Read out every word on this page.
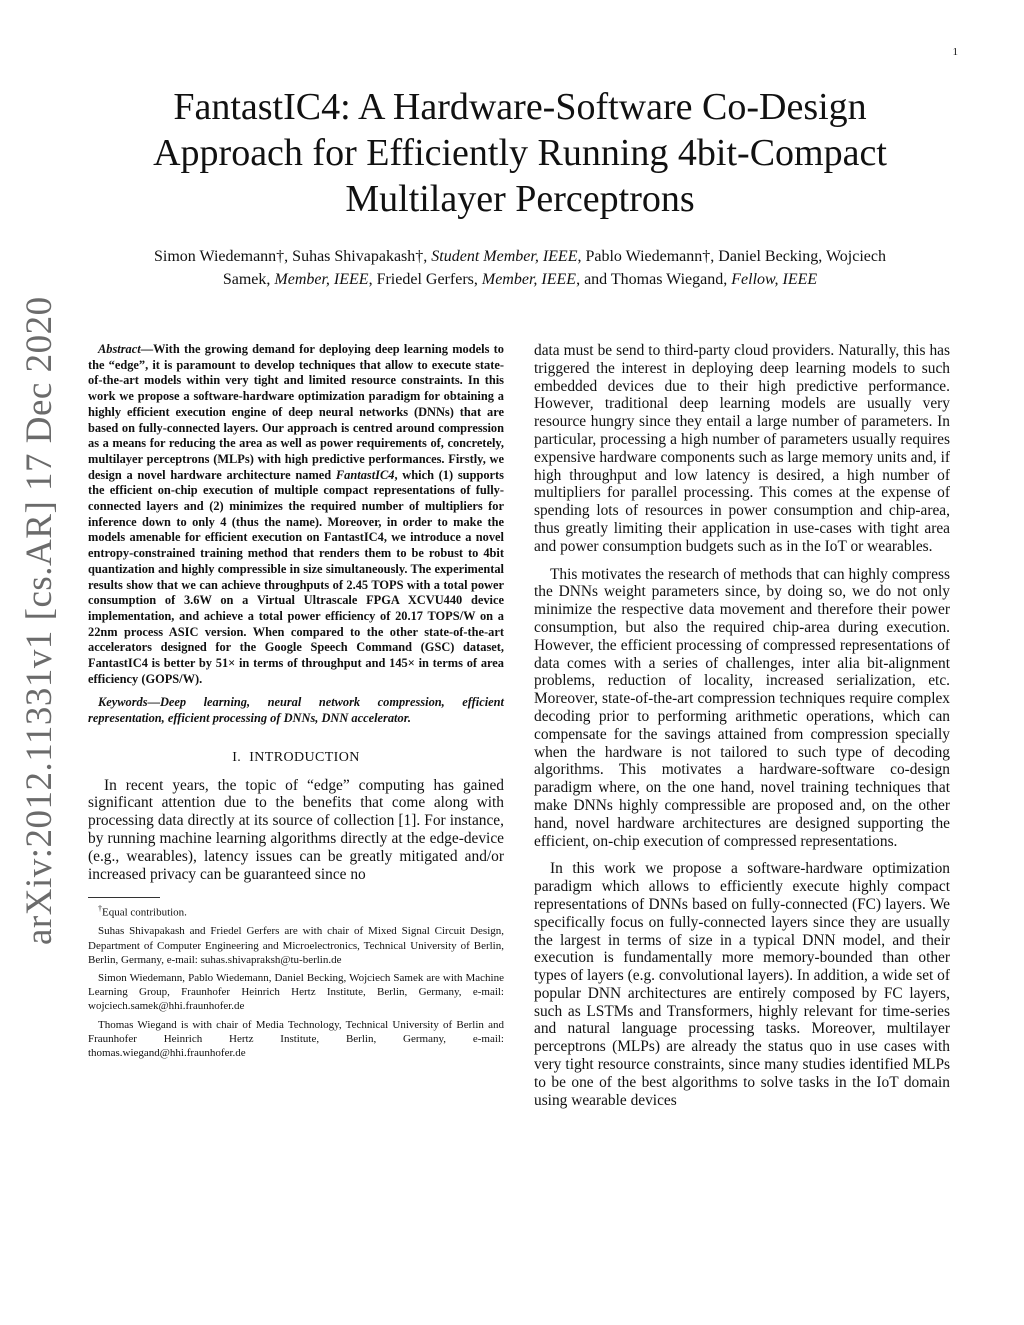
1
arXiv:2012.11331v1 [cs.AR] 17 Dec 2020
FantastIC4: A Hardware-Software Co-Design Approach for Efficiently Running 4bit-Compact Multilayer Perceptrons
Simon Wiedemann†, Suhas Shivapakash†, Student Member, IEEE, Pablo Wiedemann†, Daniel Becking, Wojciech
Samek, Member, IEEE, Friedel Gerfers, Member, IEEE, and Thomas Wiegand, Fellow, IEEE

Abstract—With the growing demand for deploying deep learning models to the “edge”, it is paramount to develop techniques that allow to execute state-of-the-art models within very tight and limited resource constraints. In this work we propose a software-hardware optimization paradigm for obtaining a highly efficient execution engine of deep neural networks (DNNs) that are based on fully-connected layers. Our approach is centred around compression as a means for reducing the area as well as power requirements of, concretely, multilayer perceptrons (MLPs) with high predictive performances. Firstly, we design a novel hardware architecture named FantastIC4, which (1) supports the efficient on-chip execution of multiple compact representations of fully-connected layers and (2) minimizes the required number of multipliers for inference down to only 4 (thus the name). Moreover, in order to make the models amenable for efficient execution on FantastIC4, we introduce a novel entropy-constrained training method that renders them to be robust to 4bit quantization and highly compressible in size simultaneously. The experimental results show that we can achieve throughputs of 2.45 TOPS with a total power consumption of 3.6W on a Virtual Ultrascale FPGA XCVU440 device implementation, and achieve a total power efficiency of 20.17 TOPS/W on a 22nm process ASIC version. When compared to the other state-of-the-art accelerators designed for the Google Speech Command (GSC) dataset, FantastIC4 is better by 51× in terms of throughput and 145× in terms of area efficiency (GOPS/W).

Keywords—Deep learning, neural network compression, efficient representation, efficient processing of DNNs, DNN accelerator.

I. INTRODUCTION

In recent years, the topic of “edge” computing has gained significant attention due to the benefits that come along with processing data directly at its source of collection [1]. For instance, by running machine learning algorithms directly at the edge-device (e.g., wearables), latency issues can be greatly mitigated and/or increased privacy can be guaranteed since no

†Equal contribution.

Suhas Shivapakash and Friedel Gerfers are with chair of Mixed Signal Circuit Design, Department of Computer Engineering and Microelectronics, Technical University of Berlin, Berlin, Germany, e-mail: suhas.shivapraksh@tu-berlin.de

Simon Wiedemann, Pablo Wiedemann, Daniel Becking, Wojciech Samek are with Machine Learning Group, Fraunhofer Heinrich Hertz Institute, Berlin, Germany, e-mail: wojciech.samek@hhi.fraunhofer.de

Thomas Wiegand is with chair of Media Technology, Technical University of Berlin and Fraunhofer Heinrich Hertz Institute, Berlin, Germany, e-mail: thomas.wiegand@hhi.fraunhofer.de

data must be send to third-party cloud providers. Naturally, this has triggered the interest in deploying deep learning models to such embedded devices due to their high predictive performance. However, traditional deep learning models are usually very resource hungry since they entail a large number of parameters. In particular, processing a high number of parameters usually requires expensive hardware components such as large memory units and, if high throughput and low latency is desired, a high number of multipliers for parallel processing. This comes at the expense of spending lots of resources in power consumption and chip-area, thus greatly limiting their application in use-cases with tight area and power consumption budgets such as in the IoT or wearables.

This motivates the research of methods that can highly compress the DNNs weight parameters since, by doing so, we do not only minimize the respective data movement and therefore their power consumption, but also the required chip-area during execution. However, the efficient processing of compressed representations of data comes with a series of challenges, inter alia bit-alignment problems, reduction of locality, increased serialization, etc. Moreover, state-of-the-art compression techniques require complex decoding prior to performing arithmetic operations, which can compensate for the savings attained from compression specially when the hardware is not tailored to such type of decoding algorithms. This motivates a hardware-software co-design paradigm where, on the one hand, novel training techniques that make DNNs highly compressible are proposed and, on the other hand, novel hardware architectures are designed supporting the efficient, on-chip execution of compressed representations.

In this work we propose a software-hardware optimization paradigm which allows to efficiently execute highly compact representations of DNNs based on fully-connected (FC) layers. We specifically focus on fully-connected layers since they are usually the largest in terms of size in a typical DNN model, and their execution is fundamentally more memory-bounded than other types of layers (e.g. convolutional layers). In addition, a wide set of popular DNN architectures are entirely composed by FC layers, such as LSTMs and Transformers, highly relevant for time-series and natural language processing tasks. Moreover, multilayer perceptrons (MLPs) are already the status quo in use cases with very tight resource constraints, since many studies identified MLPs to be one of the best algorithms to solve tasks in the IoT domain using wearable devices
